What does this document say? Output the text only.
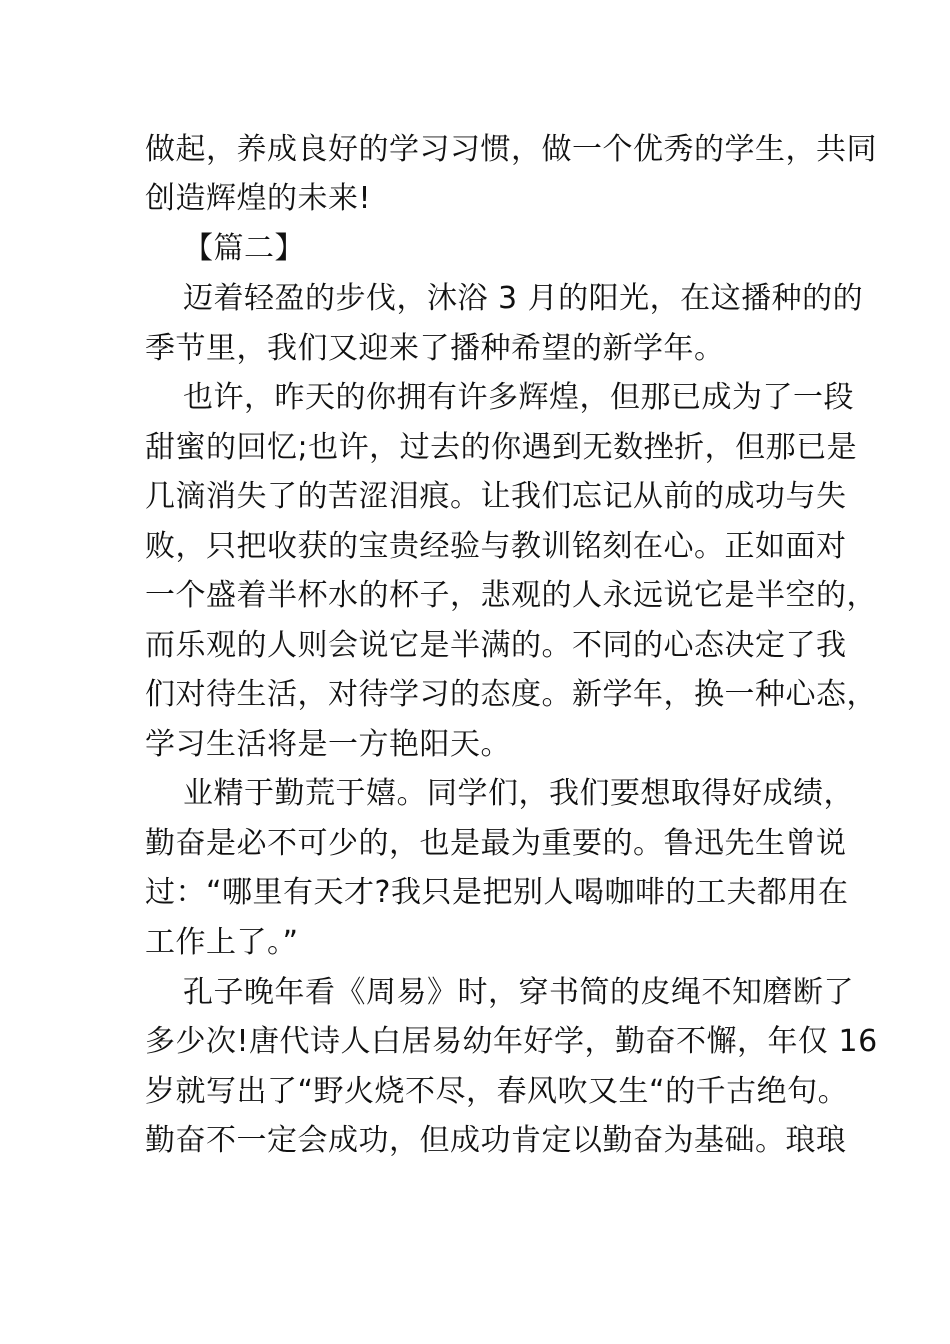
做起，养成良好的学习习惯，做一个优秀的学生，共同
创造辉煌的未来!
【篇二】
迈着轻盈的步伐，沐浴 3 月的阳光，在这播种的的
季节里，我们又迎来了播种希望的新学年。
也许，昨天的你拥有许多辉煌，但那已成为了一段
甜蜜的回忆;也许，过去的你遇到无数挫折，但那已是
几滴消失了的苦涩泪痕。让我们忘记从前的成功与失
败，只把收获的宝贵经验与教训铭刻在心。正如面对
一个盛着半杯水的杯子，悲观的人永远说它是半空的，
而乐观的人则会说它是半满的。不同的心态决定了我
们对待生活，对待学习的态度。新学年，换一种心态，
学习生活将是一方艳阳天。
业精于勤荒于嬉。同学们，我们要想取得好成绩，
勤奋是必不可少的，也是最为重要的。鲁迅先生曾说
过：“哪里有天才?我只是把别人喝咖啡的工夫都用在
工作上了。”
孔子晚年看《周易》时，穿书简的皮绳不知磨断了
多少次!唐代诗人白居易幼年好学，勤奋不懈，年仅 16
岁就写出了“野火烧不尽，春风吹又生“的千古绝句。
勤奋不一定会成功，但成功肯定以勤奋为基础。琅琅
